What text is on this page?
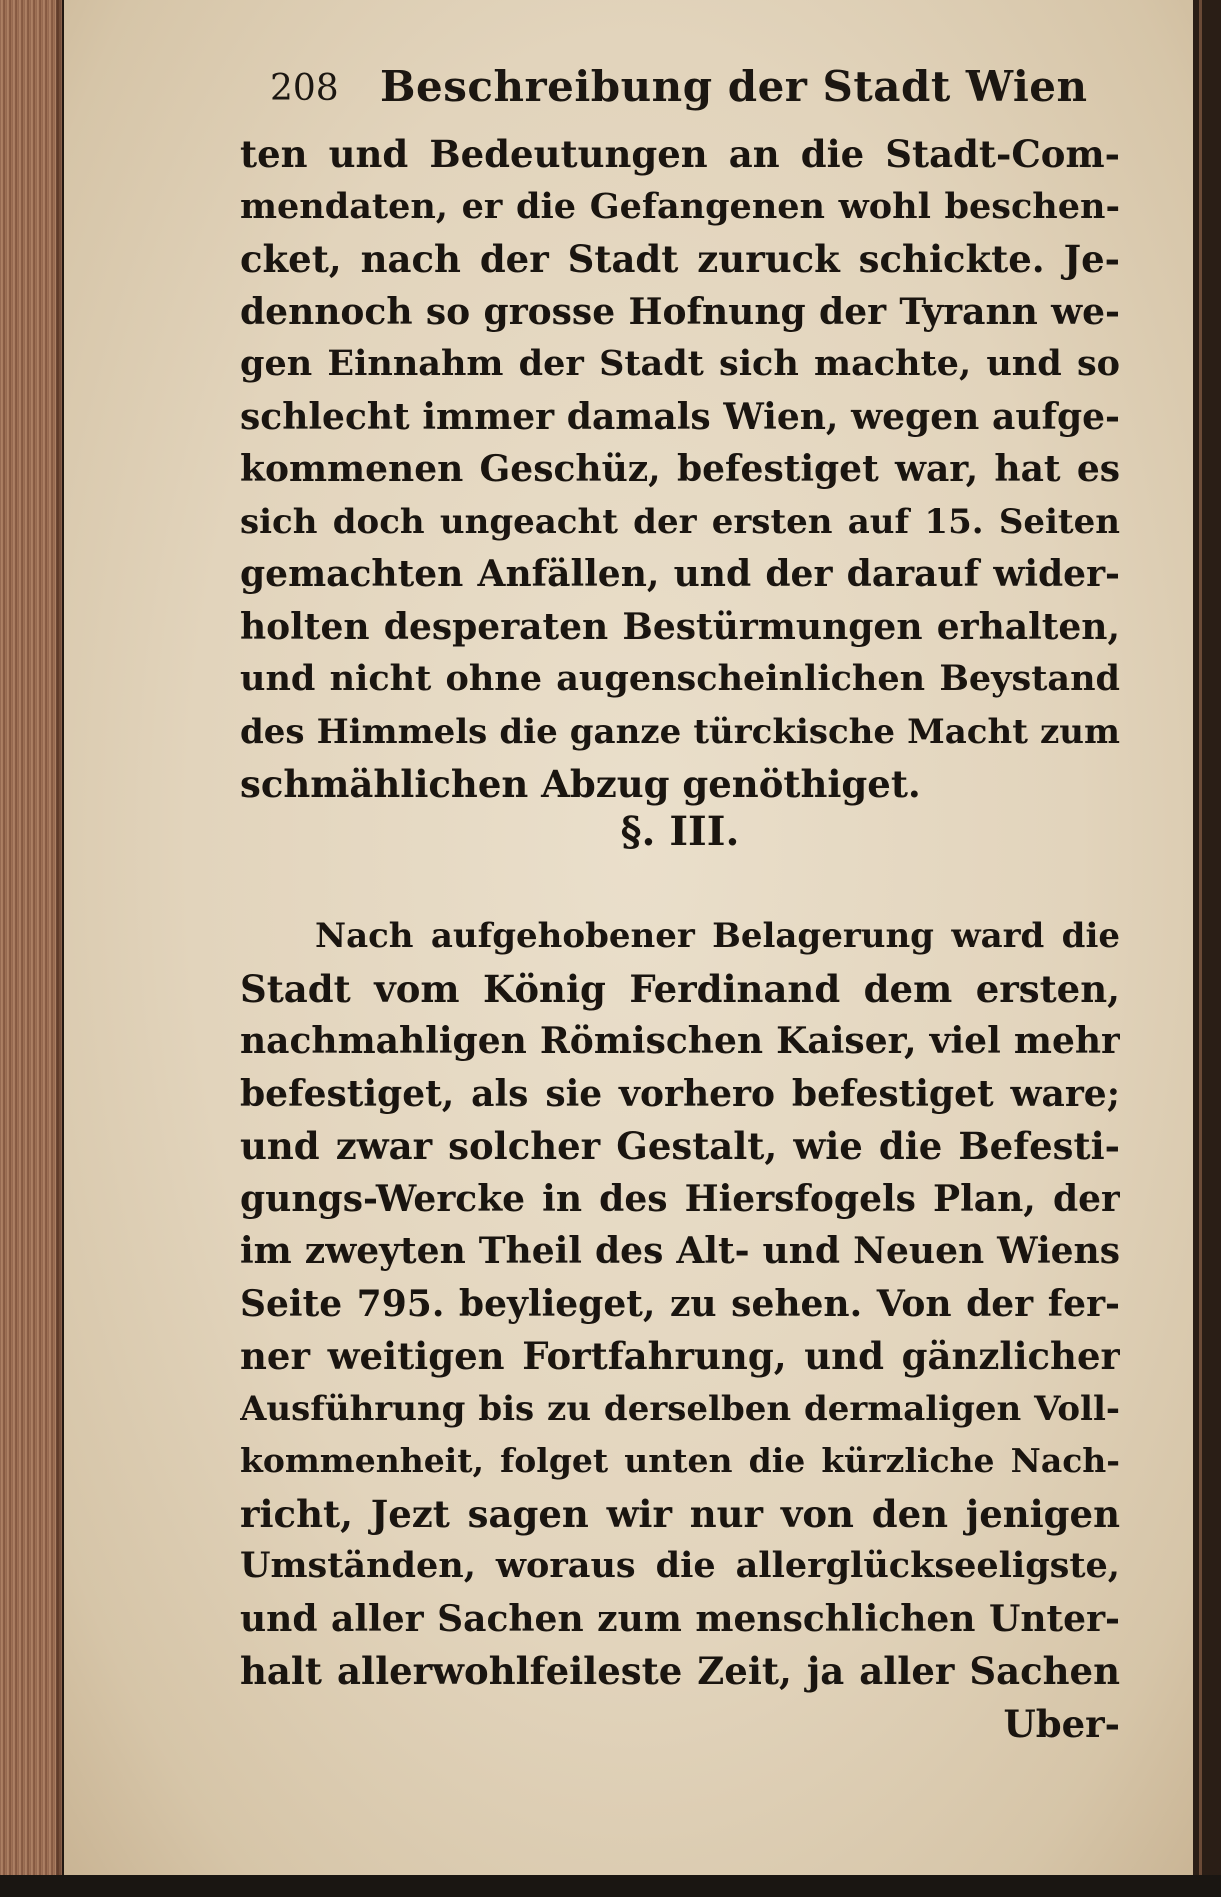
208 Beschreibung der Stadt Wien
ten und Bedeutungen an die Stadt-Com-
mendaten, er die Gefangenen wohl beschen-
cket, nach der Stadt zuruck schickte. Je-
dennoch so grosse Hofnung der Tyrann we-
gen Einnahm der Stadt sich machte, und so
schlecht immer damals Wien, wegen aufge-
kommenen Geschüz, befestiget war, hat es
sich doch ungeacht der ersten auf 15. Seiten
gemachten Anfällen, und der darauf wider-
holten desperaten Bestürmungen erhalten,
und nicht ohne augenscheinlichen Beystand
des Himmels die ganze türckische Macht zum
schmählichen Abzug genöthiget.
§. III.
Nach aufgehobener Belagerung ward die
Stadt vom König Ferdinand dem ersten,
nachmahligen Römischen Kaiser, viel mehr
befestiget, als sie vorhero befestiget ware;
und zwar solcher Gestalt, wie die Befesti-
gungs-Wercke in des Hiersfogels Plan, der
im zweyten Theil des Alt- und Neuen Wiens
Seite 795. beylieget, zu sehen. Von der fer-
ner weitigen Fortfahrung, und gänzlicher
Ausführung bis zu derselben dermaligen Voll-
kommenheit, folget unten die kürzliche Nach-
richt, Jezt sagen wir nur von den jenigen
Umständen, woraus die allerglückseeligste,
und aller Sachen zum menschlichen Unter-
halt allerwohlfeileste Zeit, ja aller Sachen
Uber-
